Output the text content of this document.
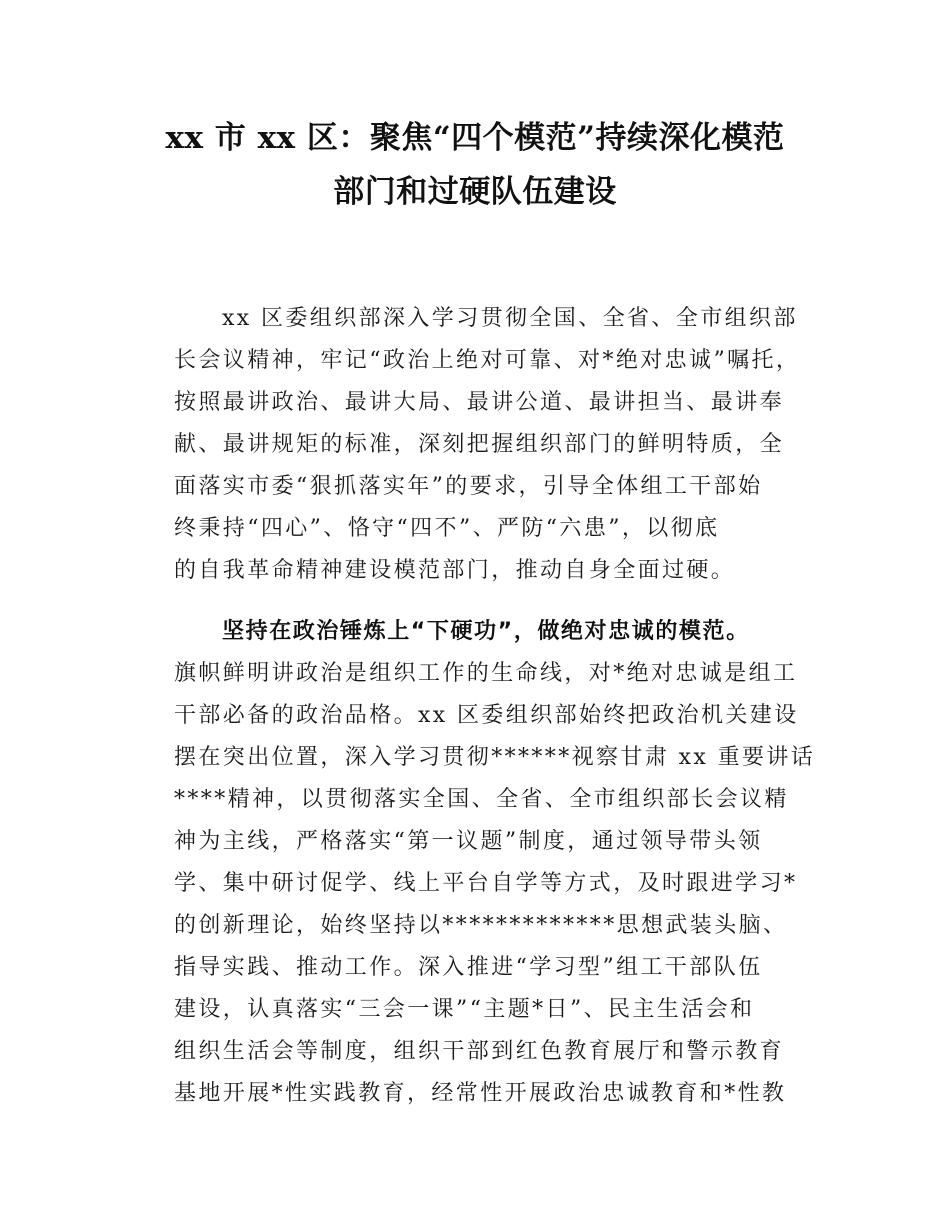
xx 市 xx 区：聚焦“四个模范”持续深化模范
部门和过硬队伍建设
xx 区委组织部深入学习贯彻全国、全省、全市组织部
长会议精神，牢记“政治上绝对可靠、对*绝对忠诚”嘱托，
按照最讲政治、最讲大局、最讲公道、最讲担当、最讲奉
献、最讲规矩的标准，深刻把握组织部门的鲜明特质，全
面落实市委“狠抓落实年”的要求，引导全体组工干部始
终秉持“四心”、恪守“四不”、严防“六患”，以彻底
的自我革命精神建设模范部门，推动自身全面过硬。
坚持在政治锤炼上“下硬功”，做绝对忠诚的模范。
旗帜鲜明讲政治是组织工作的生命线，对*绝对忠诚是组工
干部必备的政治品格。xx 区委组织部始终把政治机关建设
摆在突出位置，深入学习贯彻******视察甘肃 xx 重要讲话
****精神，以贯彻落实全国、全省、全市组织部长会议精
神为主线，严格落实“第一议题”制度，通过领导带头领
学、集中研讨促学、线上平台自学等方式，及时跟进学习*
的创新理论，始终坚持以*************思想武装头脑、
指导实践、推动工作。深入推进“学习型”组工干部队伍
建设，认真落实“三会一课”“主题*日”、民主生活会和
组织生活会等制度，组织干部到红色教育展厅和警示教育
基地开展*性实践教育，经常性开展政治忠诚教育和*性教
